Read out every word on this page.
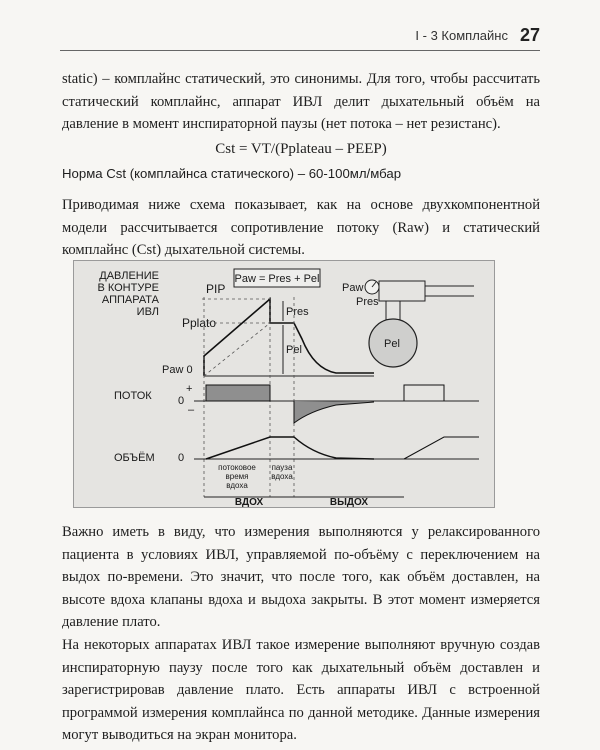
I - 3 Комплайнс 27

static) – комплайнс статический, это синонимы. Для того, чтобы рассчитать статический комплайнс, аппарат ИВЛ делит дыхательный объём на давление в момент инспираторной паузы (нет потока – нет резистанс).

Cst = VT/(Pplateau – PEEP)
Норма Cst (комплайнса статического) – 60-100мл/мбар

Приводимая ниже схема показывает, как на основе двухкомпонентной модели рассчитывается сопротивление потоку (Raw) и статический комплайнс (Cst) дыхательной системы.

ДАВЛЕНИЕ
В КОНТУРЕ
АППАРАТА
ИВЛ
PIP
Pplato
Paw 0
Paw = Pres + Pel
Pres
Pel
Paw
Pres
Pel
ПОТОК
+
0
–
ОБЪЁМ 0
потоковое
время
вдоха
пауза
вдоха
ВДОХ	ВЫДОХ

Важно иметь в виду, что измерения выполняются у релаксированного пациента в условиях ИВЛ, управляемой по-объёму с переключением на выдох по-времени. Это значит, что после того, как объём доставлен, на высоте вдоха клапаны вдоха и выдоха закрыты. В этот момент измеряется давление плато.

На некоторых аппаратах ИВЛ такое измерение выполняют вручную создав инспираторную паузу после того как дыхательный объём доставлен и зарегистрировав давление плато. Есть аппараты ИВЛ с встроенной программой измерения комплайнса по данной методике. Данные измерения могут выводиться на экран монитора.
